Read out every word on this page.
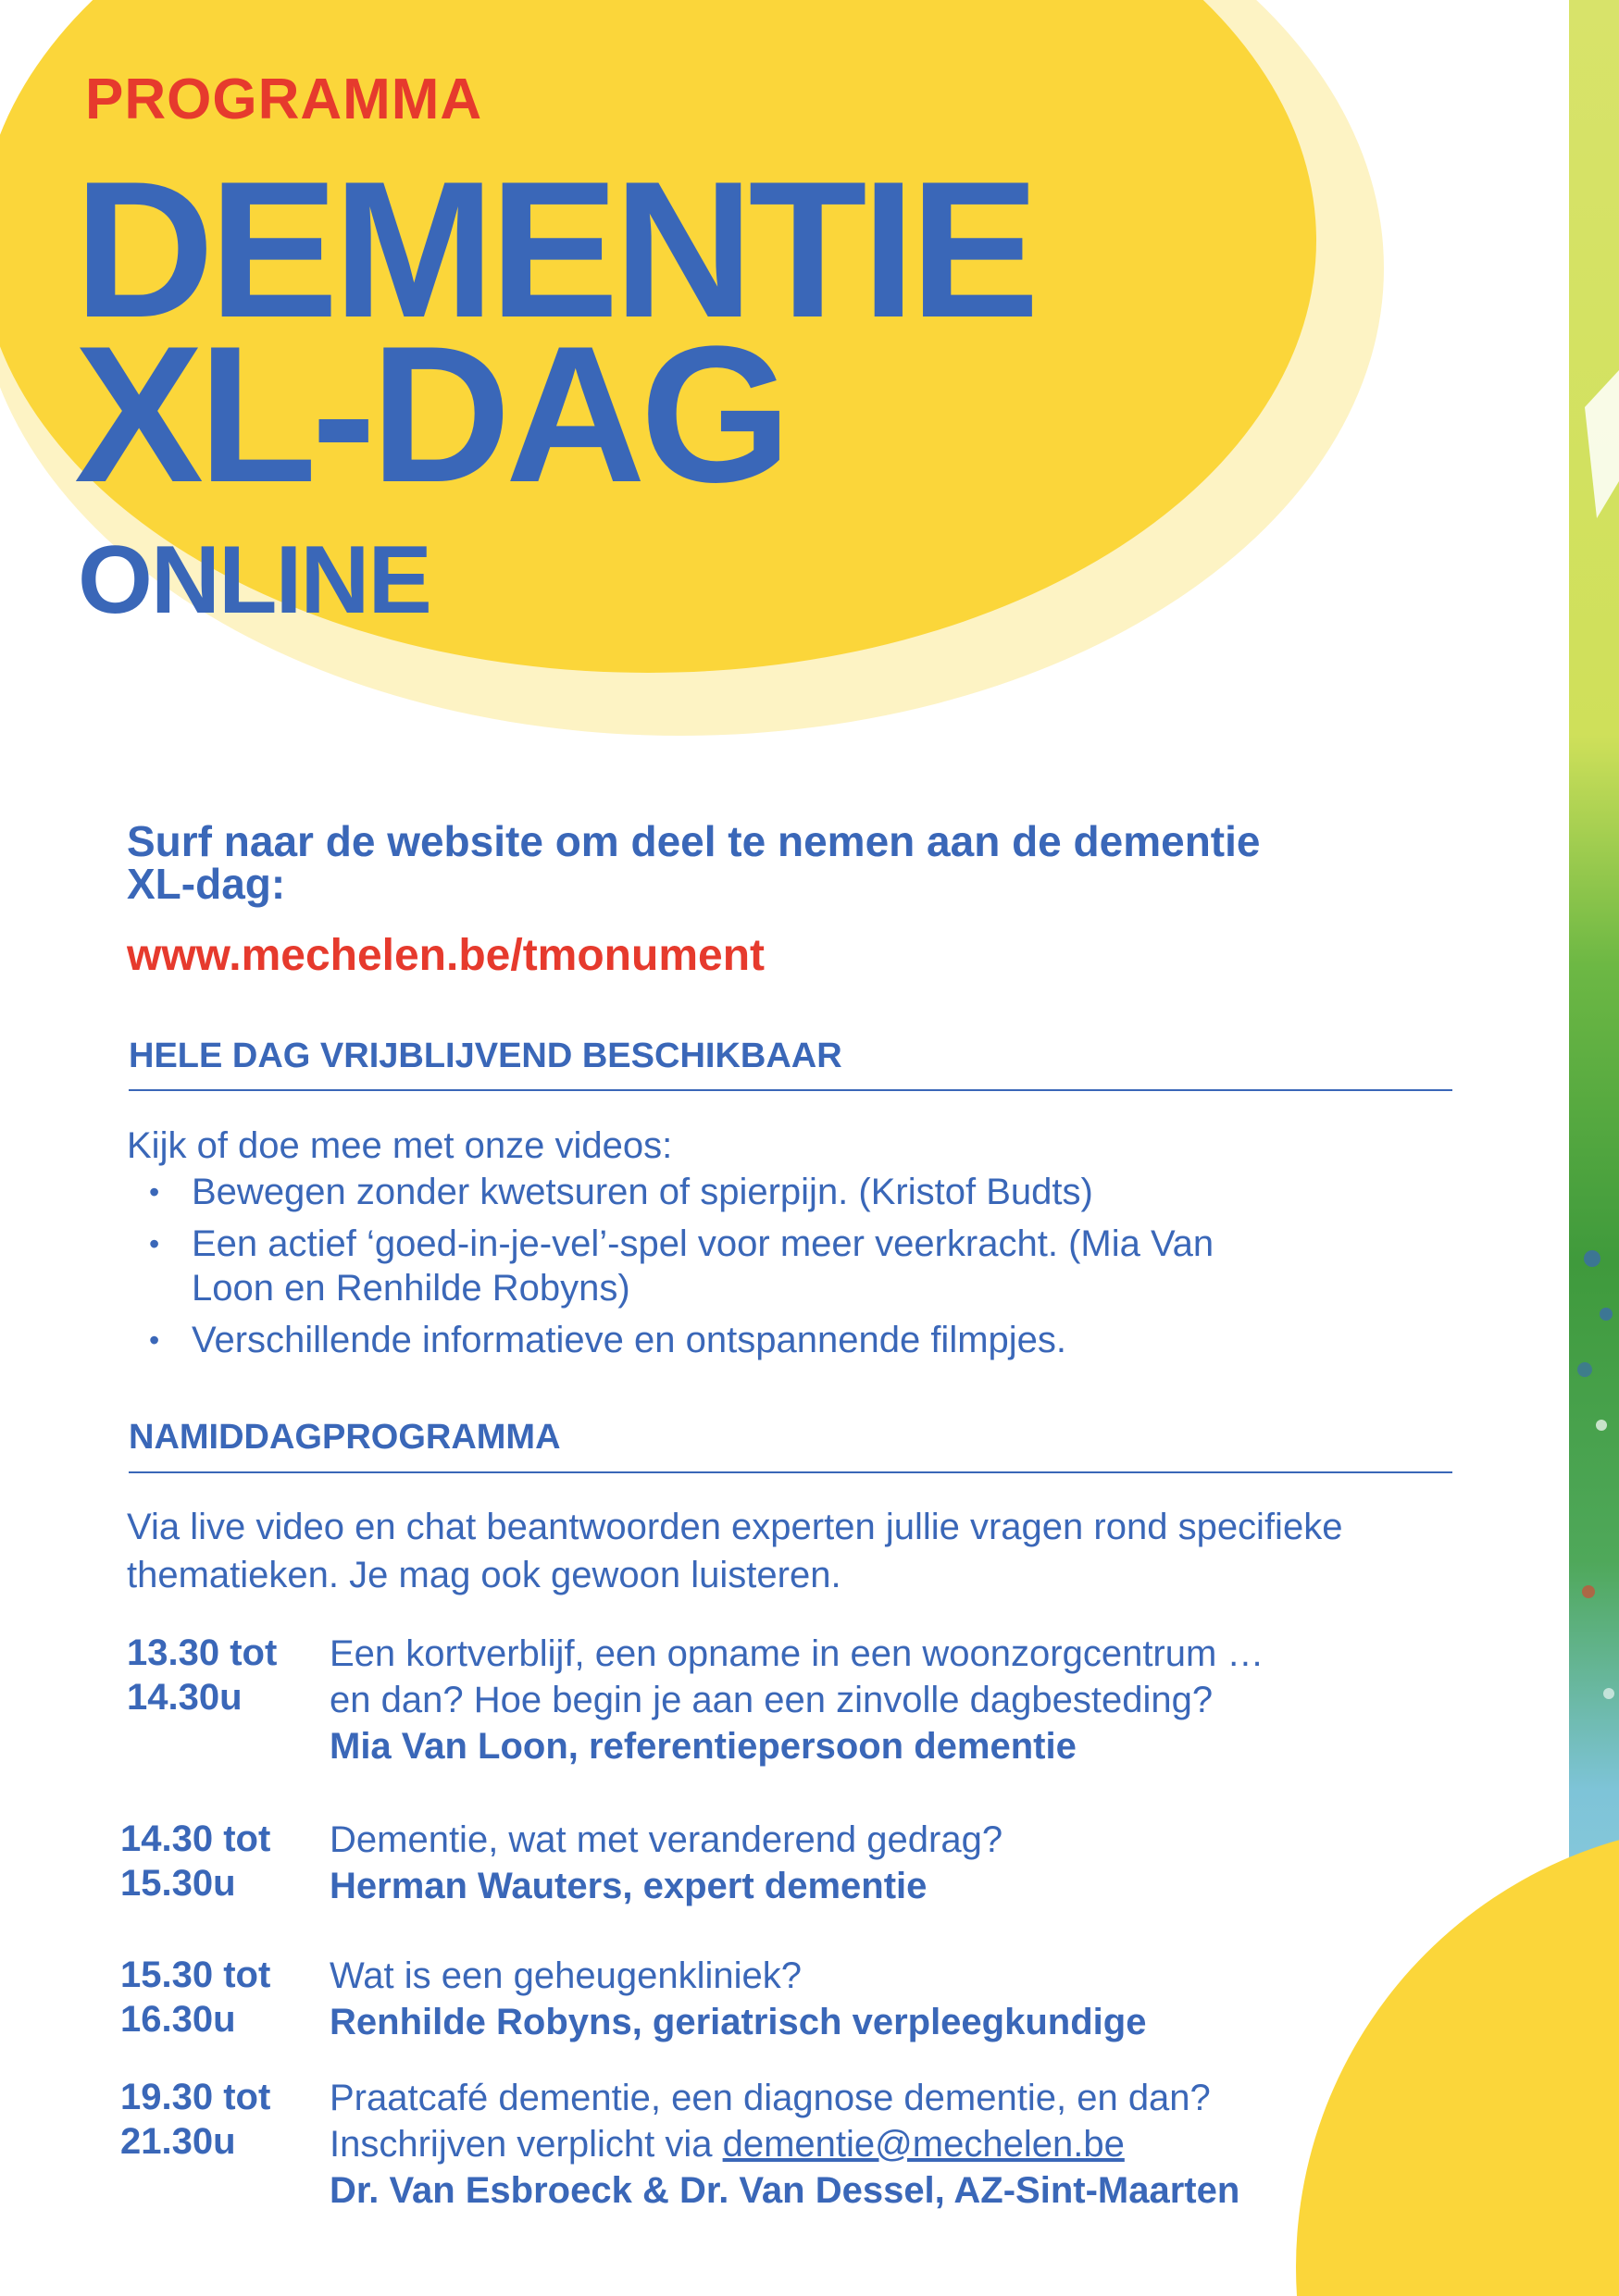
PROGRAMMA
DEMENTIE
XL-DAG
ONLINE
Surf naar de website om deel te nemen aan de dementie XL-dag:
www.mechelen.be/tmonument
HELE DAG VRIJBLIJVEND BESCHIKBAAR
Kijk of doe mee met onze videos:
• Bewegen zonder kwetsuren of spierpijn. (Kristof Budts)
• Een actief ‘goed-in-je-vel’-spel voor meer veerkracht. (Mia Van Loon en Renhilde Robyns)
• Verschillende informatieve en ontspannende filmpjes.
NAMIDDAGPROGRAMMA
Via live video en chat beantwoorden experten jullie vragen rond specifieke thematieken. Je mag ook gewoon luisteren.
13.30 tot
14.30u
Een kortverblijf, een opname in een woonzorgcentrum …
en dan? Hoe begin je aan een zinvolle dagbesteding?
Mia Van Loon, referentiepersoon dementie
14.30 tot
15.30u
Dementie, wat met veranderend gedrag?
Herman Wauters, expert dementie
15.30 tot
16.30u
Wat is een geheugenkliniek?
Renhilde Robyns, geriatrisch verpleegkundige
19.30 tot
21.30u
Praatcafé dementie, een diagnose dementie, en dan?
Inschrijven verplicht via dementie@mechelen.be
Dr. Van Esbroeck & Dr. Van Dessel, AZ-Sint-Maarten
